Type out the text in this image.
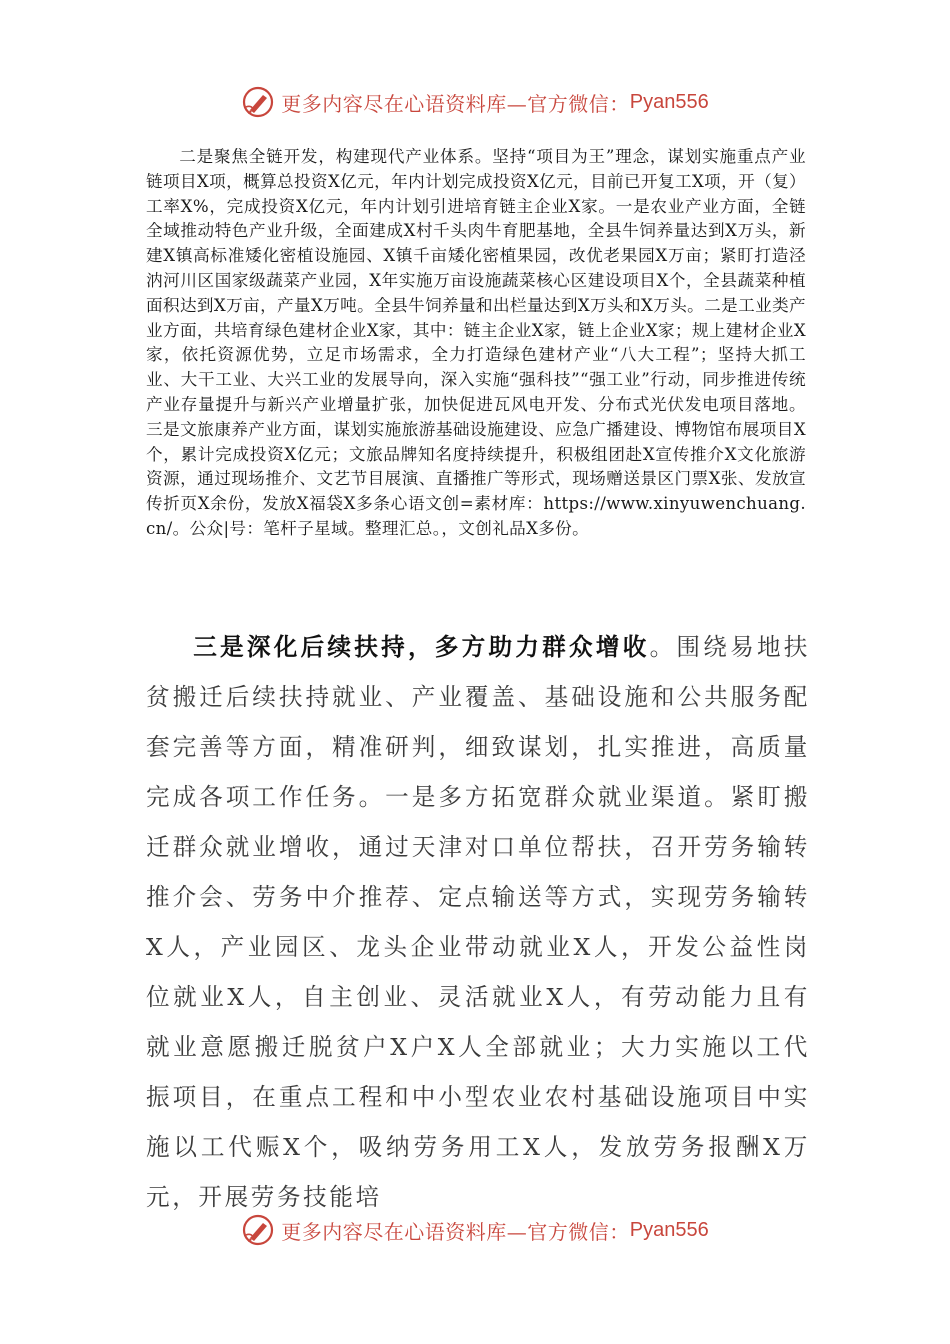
更多内容尽在心语资料库—官方微信： Pyan556

二是聚焦全链开发，构建现代产业体系。坚持“项目为王”理念，谋划实施重点产业链项目X项，概算总投资X亿元，年内计划完成投资X亿元，目前已开复工X项，开（复）工率X%，完成投资X亿元，年内计划引进培育链主企业X家。一是农业产业方面，全链全域推动特色产业升级，全面建成X村千头肉牛育肥基地，全县牛饲养量达到X万头，新建X镇高标准矮化密植设施园、X镇千亩矮化密植果园，改优老果园X万亩；紧盯打造泾汭河川区国家级蔬菜产业园，X年实施万亩设施蔬菜核心区建设项目X个，全县蔬菜种植面积达到X万亩，产量X万吨。全县牛饲养量和出栏量达到X万头和X万头。二是工业类产业方面，共培育绿色建材企业X家，其中：链主企业X家，链上企业X家；规上建材企业X家，依托资源优势，立足市场需求，全力打造绿色建材产业“八大工程”；坚持大抓工业、大干工业、大兴工业的发展导向，深入实施“强科技”“强工业”行动，同步推进传统产业存量提升与新兴产业增量扩张，加快促进瓦风电开发、分布式光伏发电项目落地。三是文旅康养产业方面，谋划实施旅游基础设施建设、应急广播建设、博物馆布展项目X个，累计完成投资X亿元；文旅品牌知名度持续提升，积极组团赴X宣传推介X文化旅游资源，通过现场推介、文艺节目展演、直播推广等形式，现场赠送景区门票X张、发放宣传折页X余份，发放X福袋X多条心语文创=素材库：https://www.xinyuwenchuang.cn/。公众|号：笔杆子星域。整理汇总。，文创礼品X多份。

三是深化后续扶持，多方助力群众增收。围绕易地扶贫搬迁后续扶持就业、产业覆盖、基础设施和公共服务配套完善等方面，精准研判，细致谋划，扎实推进，高质量完成各项工作任务。一是多方拓宽群众就业渠道。紧盯搬迁群众就业增收，通过天津对口单位帮扶，召开劳务输转推介会、劳务中介推荐、定点输送等方式，实现劳务输转X人，产业园区、龙头企业带动就业X人，开发公益性岗位就业X人，自主创业、灵活就业X人，有劳动能力且有就业意愿搬迁脱贫户X户X人全部就业；大力实施以工代振项目，在重点工程和中小型农业农村基础设施项目中实施以工代赈X个，吸纳劳务用工X人，发放劳务报酬X万元，开展劳务技能培

更多内容尽在心语资料库—官方微信： Pyan556
